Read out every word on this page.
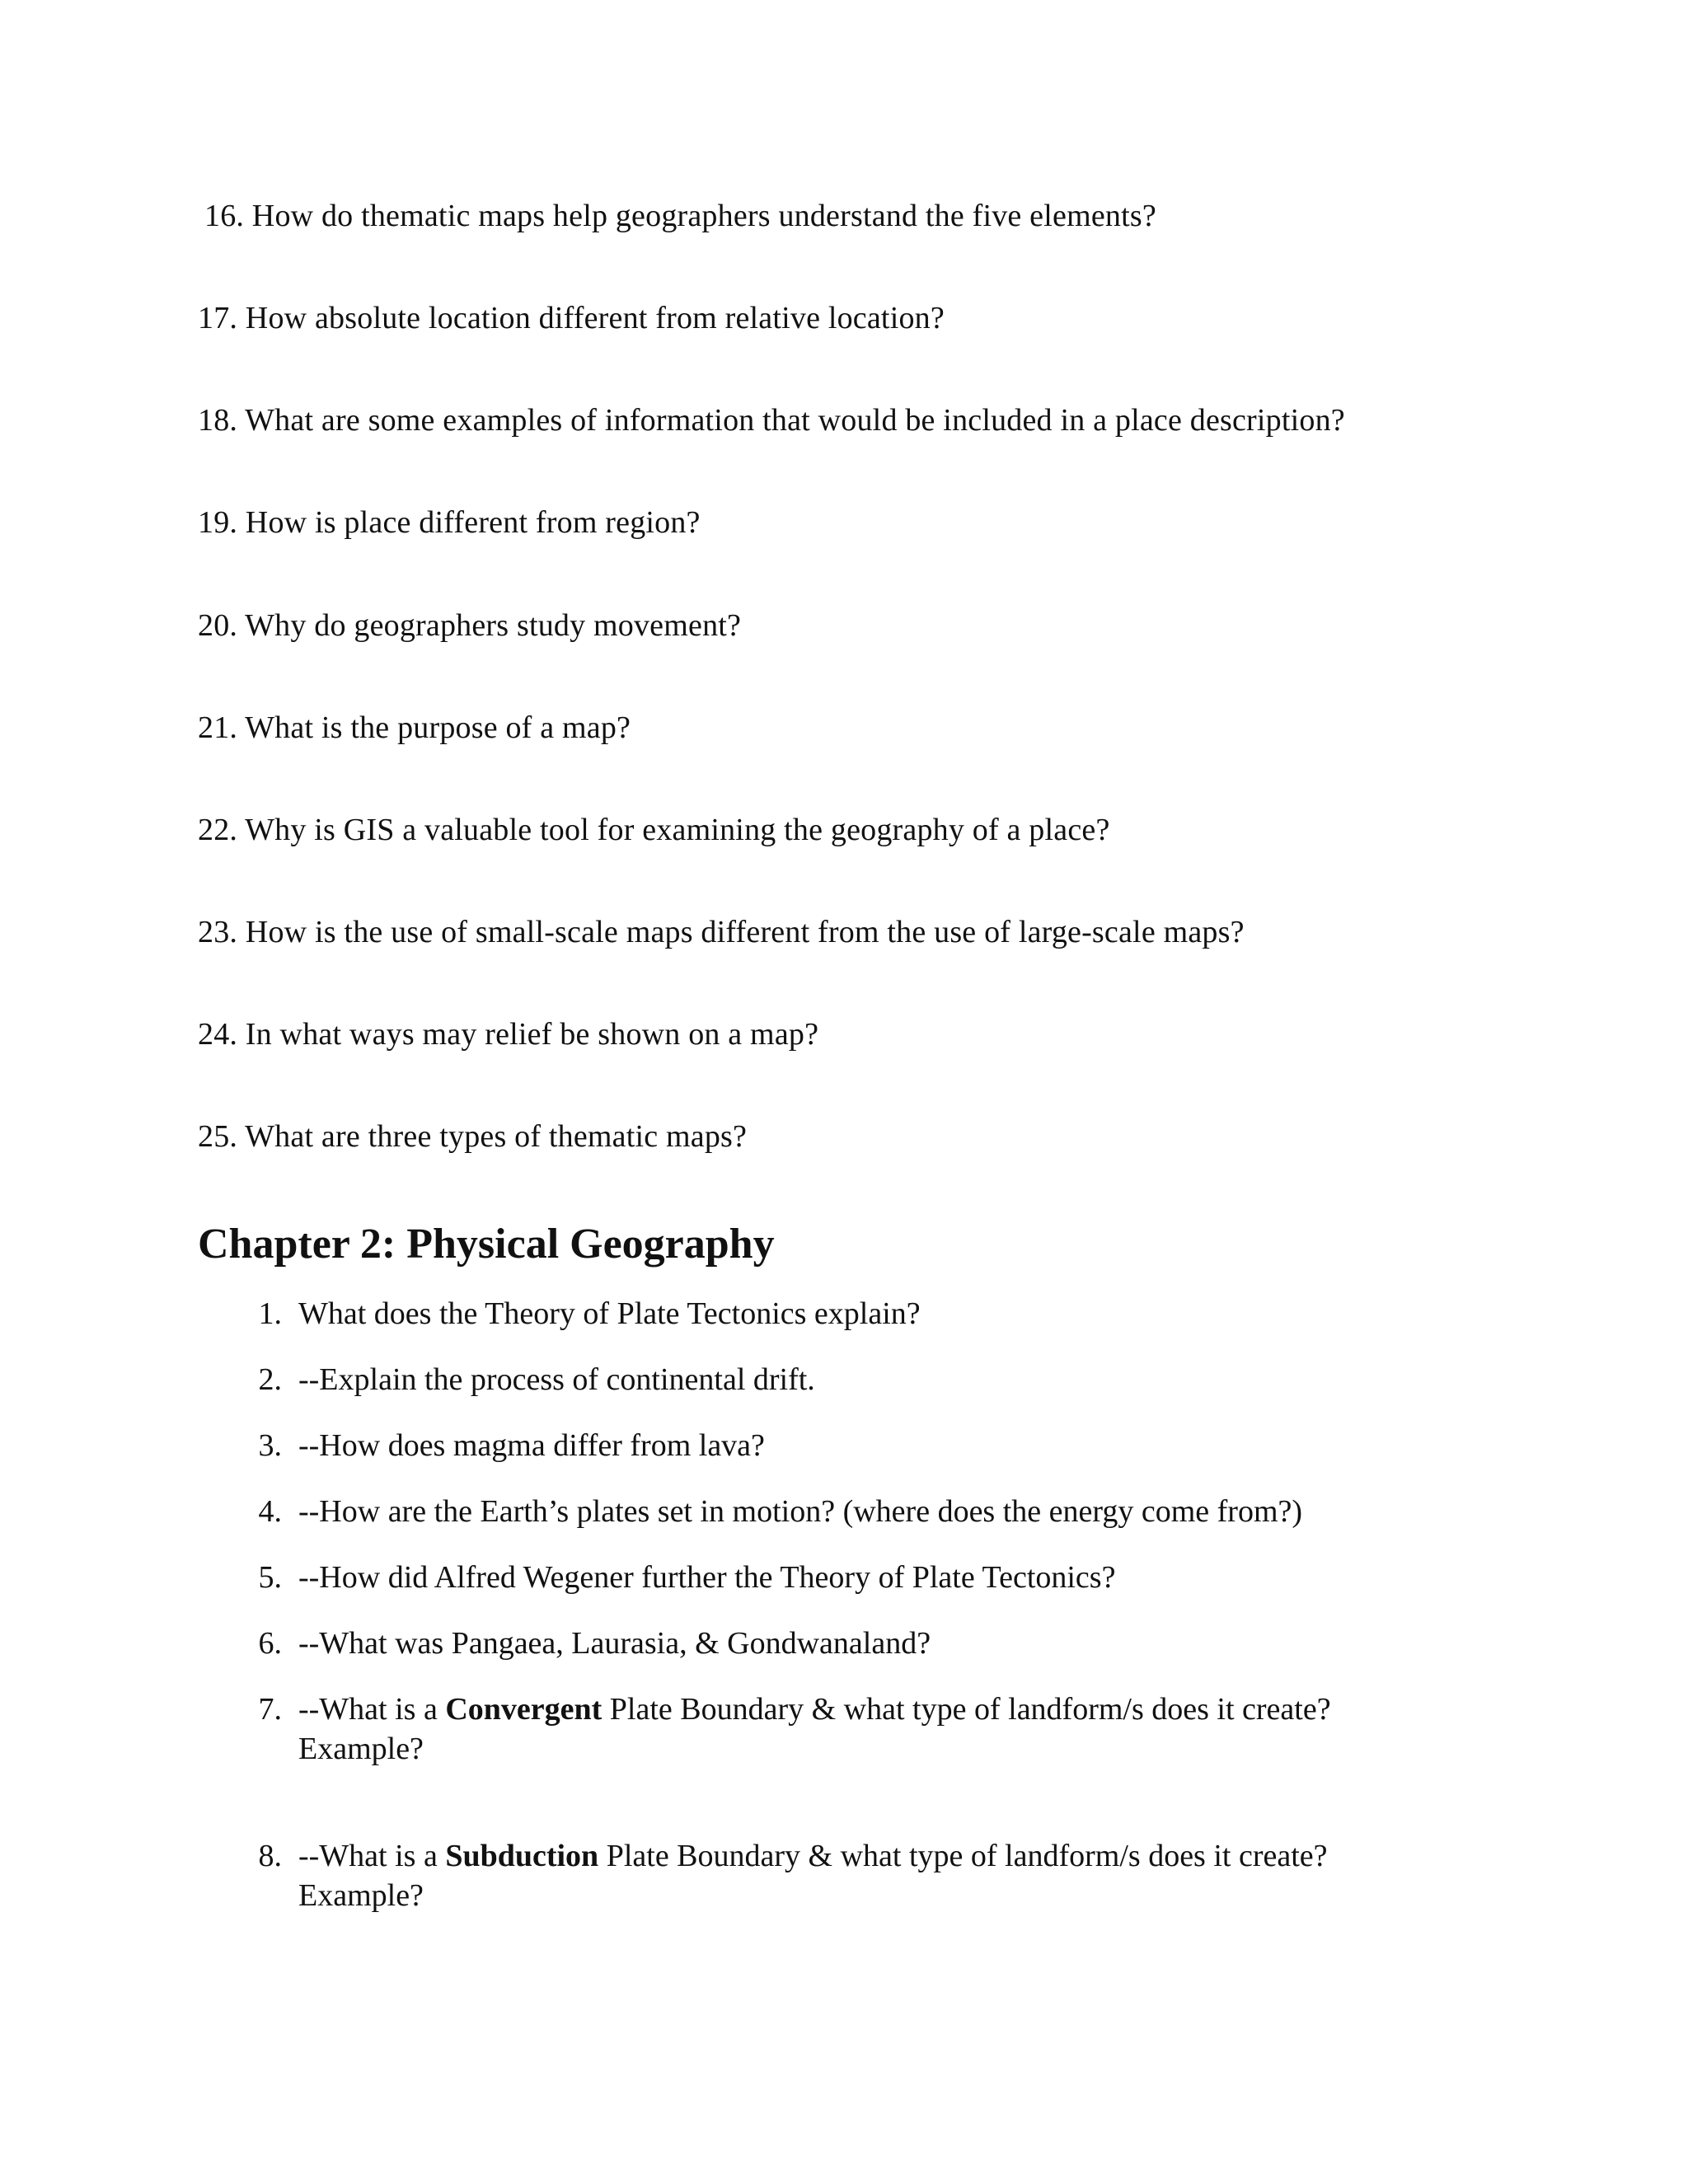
16. How do thematic maps help geographers understand the five elements?
17. How absolute location different from relative location?
18. What are some examples of information that would be included in a place description?
19. How is place different from region?
20. Why do geographers study movement?
21. What is the purpose of a map?
22. Why is GIS a valuable tool for examining the geography of a place?
23. How is the use of small-scale maps different from the use of large-scale maps?
24. In what ways may relief be shown on a map?
25. What are three types of thematic maps?
Chapter 2: Physical Geography
1. What does the Theory of Plate Tectonics explain?
2. --Explain the process of continental drift.
3. --How does magma differ from lava?
4. --How are the Earth’s plates set in motion? (where does the energy come from?)
5. --How did Alfred Wegener further the Theory of Plate Tectonics?
6. --What was Pangaea, Laurasia, & Gondwanaland?
7. --What is a Convergent Plate Boundary & what type of landform/s does it create?
Example?
8. --What is a Subduction Plate Boundary & what type of landform/s does it create?
Example?
